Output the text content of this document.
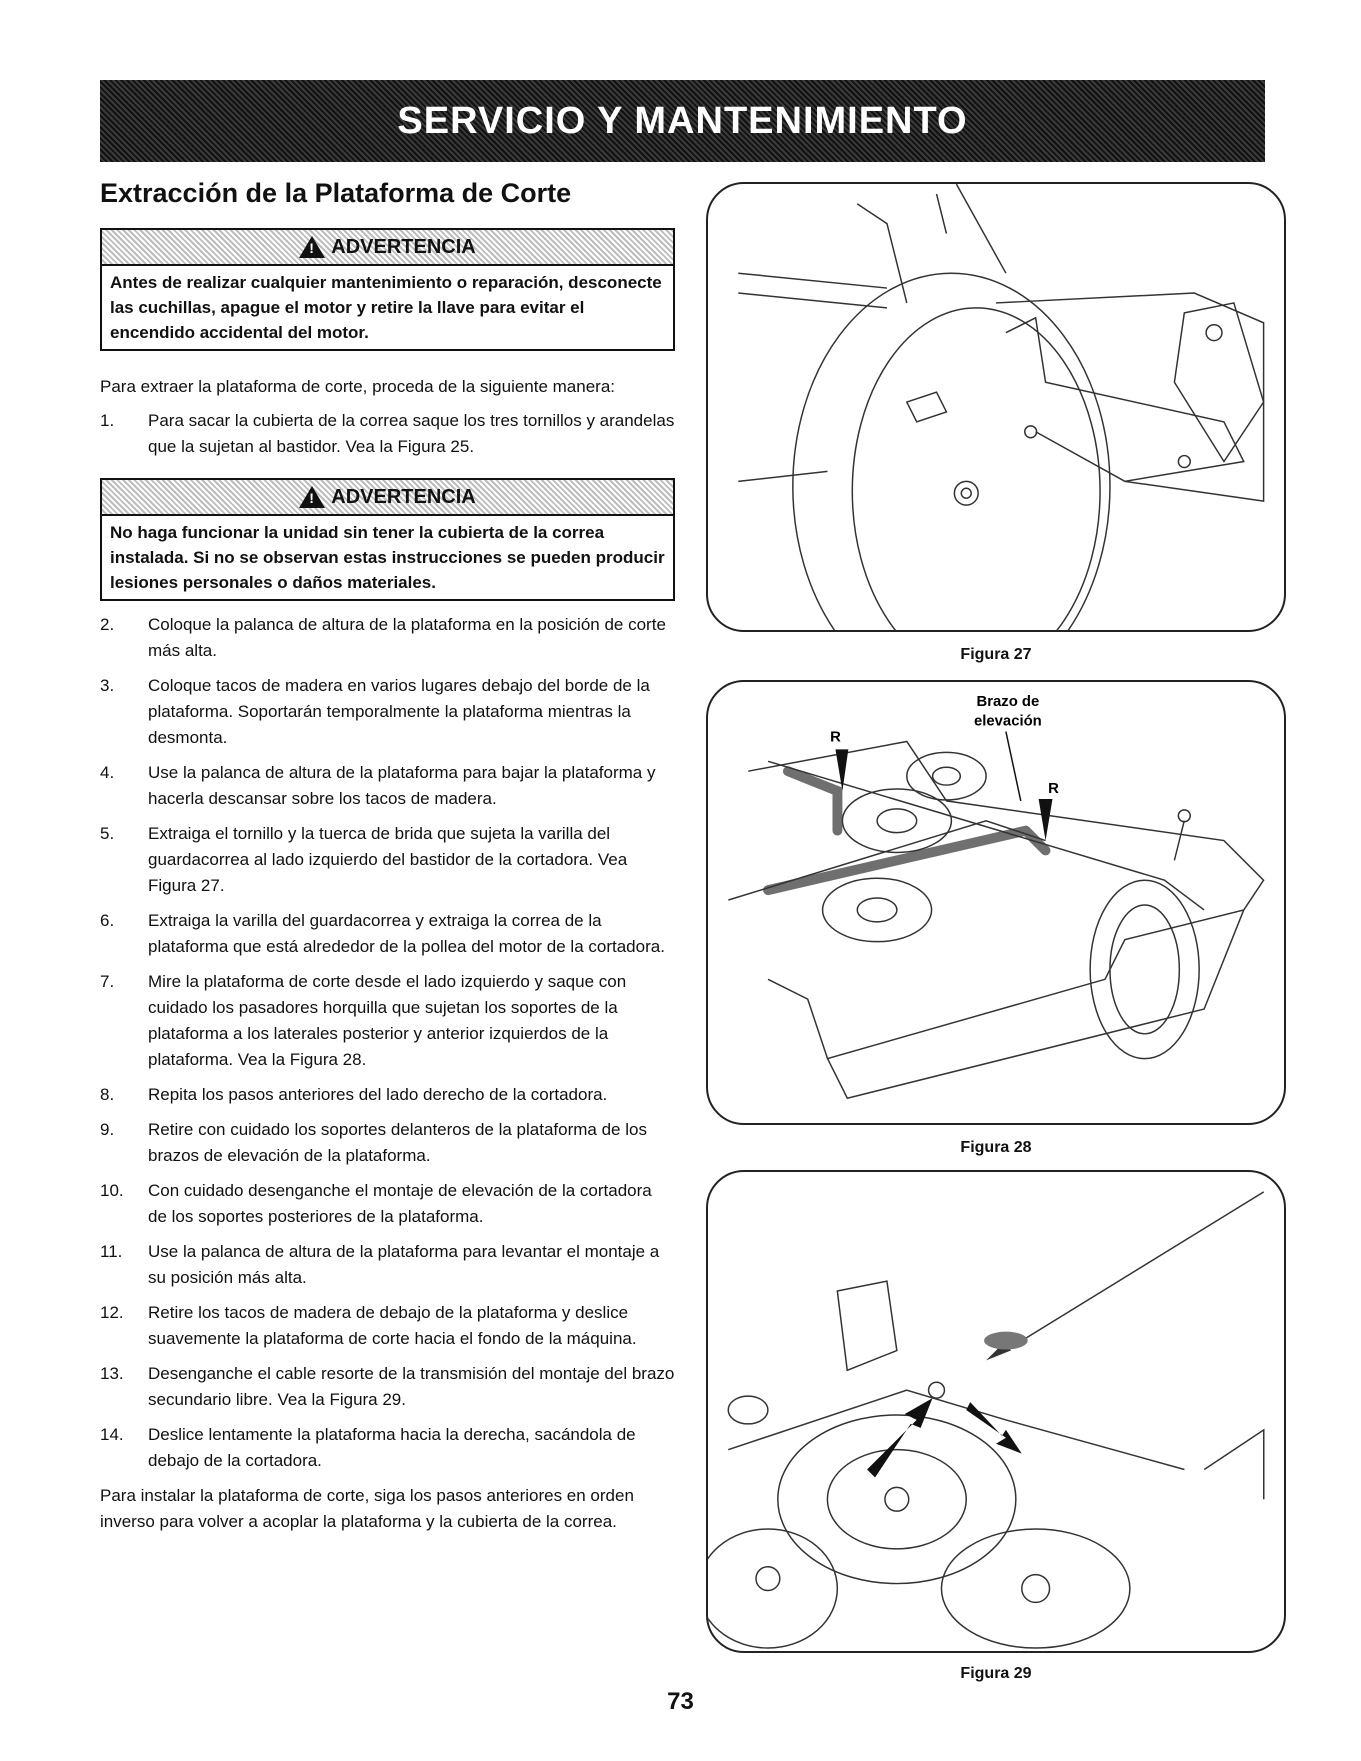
SERVICIO Y MANTENIMIENTO
Extracción de la Plataforma de Corte
!
ADVERTENCIA
Antes de realizar cualquier mantenimiento o reparación, desconecte las cuchillas, apague el motor y retire la llave para evitar el encendido accidental del motor.

Para extraer la plataforma de corte, proceda de la siguiente manera:

1. Para sacar la cubierta de la correa saque los tres tornillos y arandelas que la sujetan al bastidor. Vea la Figura 25.
!
ADVERTENCIA
No haga funcionar la unidad sin tener la cubierta de la correa instalada. Si no se observan estas instrucciones se pueden producir lesiones personales o daños materiales.
2. Coloque la palanca de altura de la plataforma en la posición de corte más alta.
3. Coloque tacos de madera en varios lugares debajo del borde de la plataforma. Soportarán temporalmente la plataforma mientras la desmonta.
4. Use la palanca de altura de la plataforma para bajar la plataforma y hacerla descansar sobre los tacos de madera.
5. Extraiga el tornillo y la tuerca de brida que sujeta la varilla del guardacorrea al lado izquierdo del bastidor de la cortadora. Vea Figura 27.
6. Extraiga la varilla del guardacorrea y extraiga la correa de la plataforma que está alrededor de la pollea del motor de la cortadora.
7. Mire la plataforma de corte desde el lado izquierdo y saque con cuidado los pasadores horquilla que sujetan los soportes de la plataforma a los laterales posterior y anterior izquierdos de la plataforma. Vea la Figura 28.
8. Repita los pasos anteriores del lado derecho de la cortadora.
9. Retire con cuidado los soportes delanteros de la plataforma de los brazos de elevación de la plataforma.
10. Con cuidado desenganche el montaje de elevación de la cortadora de los soportes posteriores de la plataforma.
11. Use la palanca de altura de la plataforma para levantar el montaje a su posición más alta.
12. Retire los tacos de madera de debajo de la plataforma y deslice suavemente la plataforma de corte hacia el fondo de la máquina.
13. Desenganche el cable resorte de la transmisión del montaje del brazo secundario libre. Vea la Figura 29.
14. Deslice lentamente la plataforma hacia la derecha, sacándola de debajo de la cortadora.

Para instalar la plataforma de corte, siga los pasos anteriores en orden inverso para volver a acoplar la plataforma y la cubierta de la correa.

Figura 27
R
R
Brazo de
elevación
Figura 28
Figura 29
73
